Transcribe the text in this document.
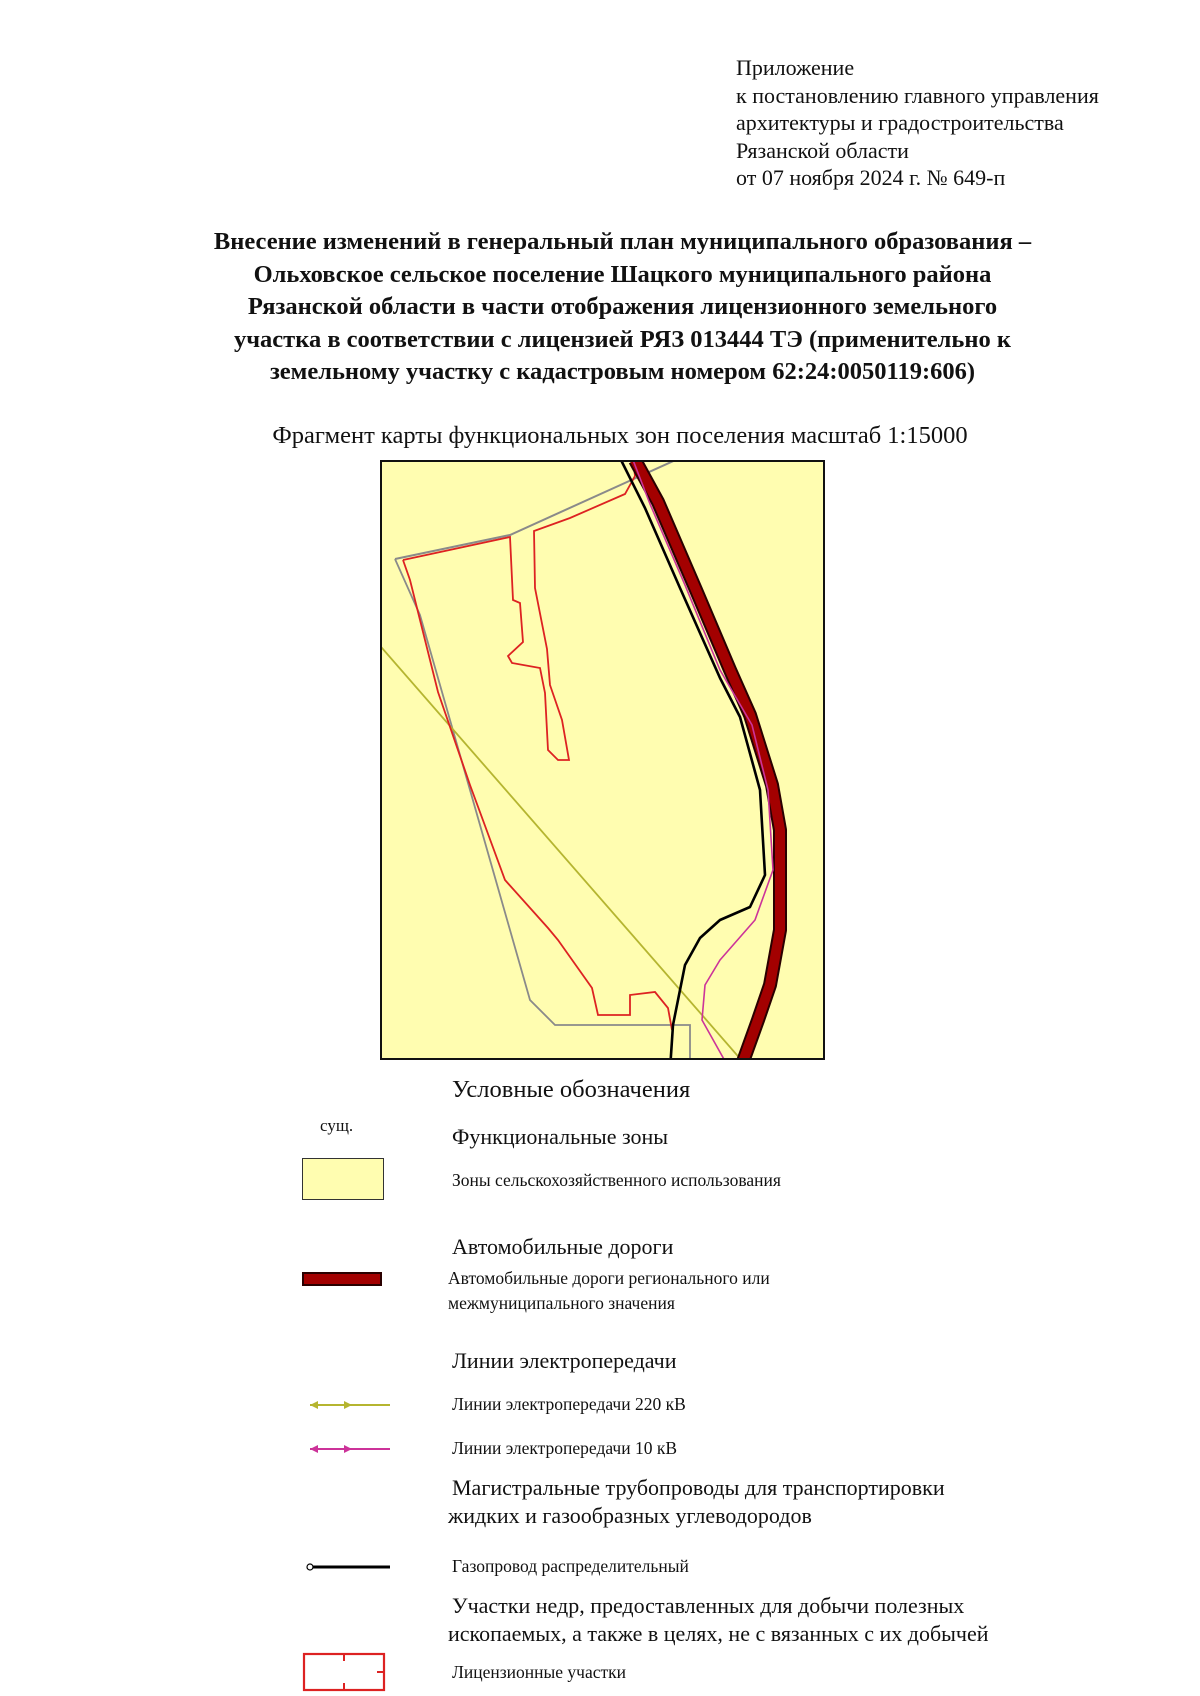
Приложение
к постановлению главного управления
архитектуры и градостроительства
Рязанской области
от 07 ноября 2024 г. № 649-п
Внесение изменений в генеральный план муниципального образования –
Ольховское сельское поселение Шацкого муниципального района
Рязанской области в части отображения лицензионного земельного
участка в соответствии с лицензией РЯЗ 013444 ТЭ (применительно к
земельному участку с кадастровым номером 62:24:0050119:606)
Фрагмент карты функциональных зон поселения масштаб 1:15000
Условные обозначения
сущ.	Функциональные зоны
Зоны сельскохозяйственного использования
Автомобильные дороги
Автомобильные дороги регионального или
межмуниципального значения
Линии электропередачи
Линии электропередачи 220 кВ
Линии электропередачи 10 кВ
Магистральные трубопроводы для транспортировки
жидких и газообразных углеводородов
Газопровод распределительный
Участки недр, предоставленных для добычи полезных
ископаемых, а также в целях, не с вязанных с их добычей
Лицензионные участки
